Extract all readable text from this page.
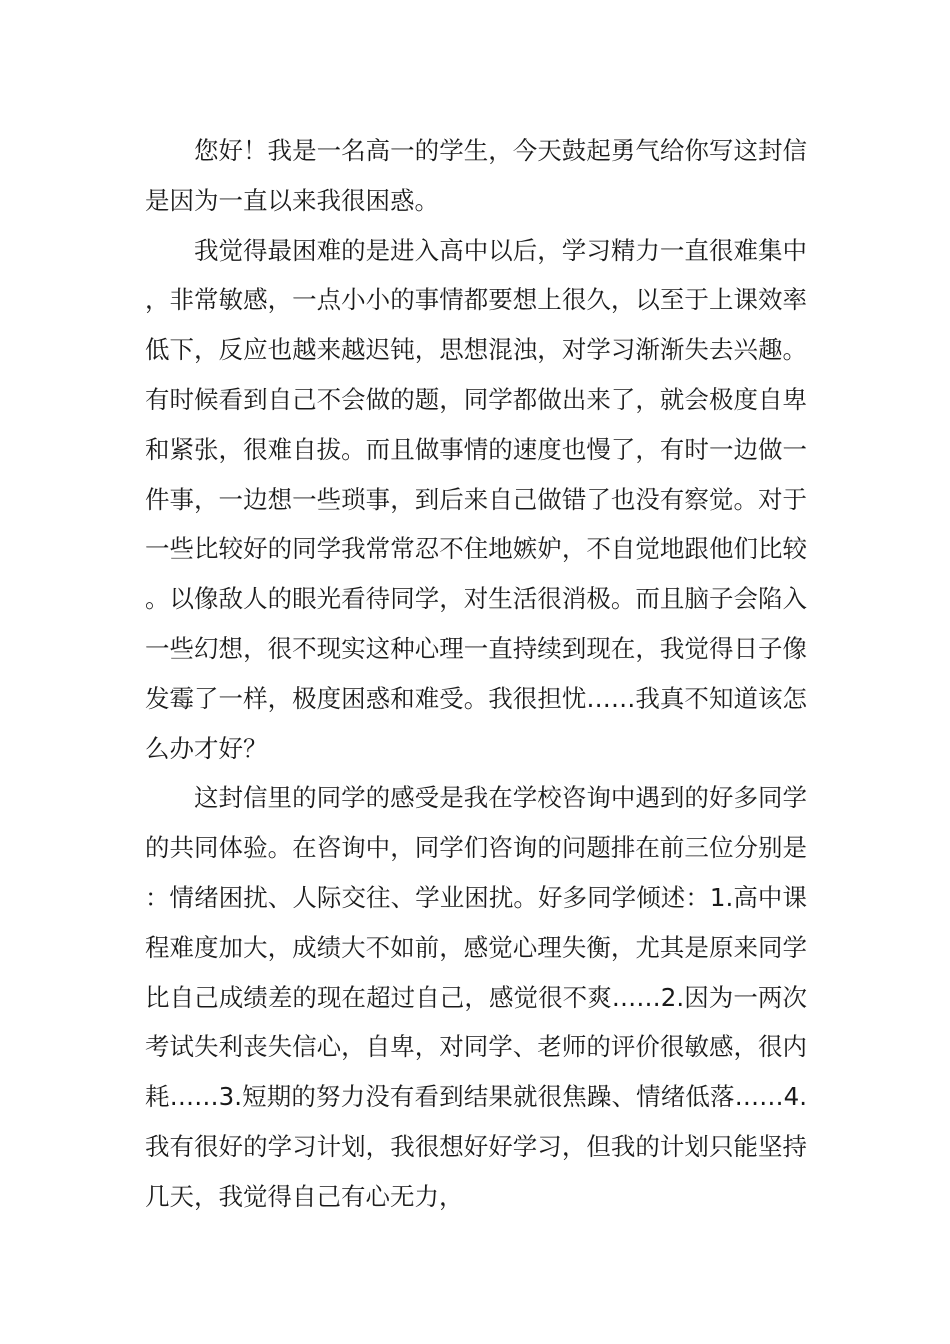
您好！我是一名高一的学生，今天鼓起勇气给你写这封信是因为一直以来我很困惑。

我觉得最困难的是进入高中以后，学习精力一直很难集中，非常敏感，一点小小的事情都要想上很久，以至于上课效率低下，反应也越来越迟钝，思想混浊，对学习渐渐失去兴趣。有时候看到自己不会做的题，同学都做出来了，就会极度自卑和紧张，很难自拔。而且做事情的速度也慢了，有时一边做一件事，一边想一些琐事，到后来自己做错了也没有察觉。对于一些比较好的同学我常常忍不住地嫉妒，不自觉地跟他们比较。以像敌人的眼光看待同学，对生活很消极。而且脑子会陷入一些幻想，很不现实这种心理一直持续到现在，我觉得日子像发霉了一样，极度困惑和难受。我很担忧……我真不知道该怎么办才好？

这封信里的同学的感受是我在学校咨询中遇到的好多同学的共同体验。在咨询中，同学们咨询的问题排在前三位分别是：情绪困扰、人际交往、学业困扰。好多同学倾述：1.高中课程难度加大，成绩大不如前，感觉心理失衡，尤其是原来同学比自己成绩差的现在超过自己，感觉很不爽……2.因为一两次考试失利丧失信心，自卑，对同学、老师的评价很敏感，很内耗……3.短期的努力没有看到结果就很焦躁、情绪低落……4.我有很好的学习计划，我很想好好学习，但我的计划只能坚持几天，我觉得自己有心无力，
